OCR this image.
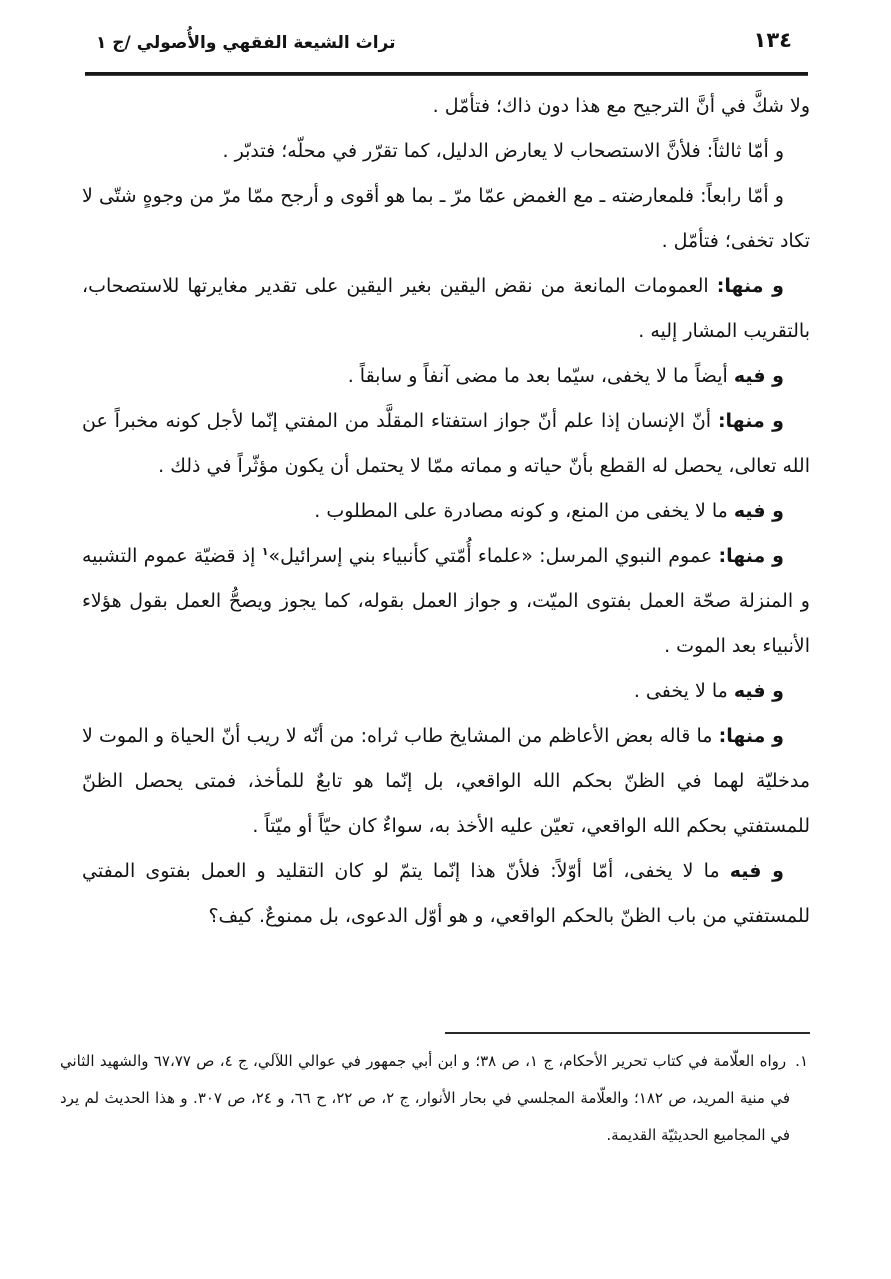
تراث الشيعة الفقهي والأُصولي /ج ١	١٣٤

ولا شكَّ في أنَّ الترجيح مع هذا دون ذاك؛ فتأمّل .

و أمّا ثالثاً: فلأنَّ الاستصحاب لا يعارض الدليل، كما تقرّر في محلّه؛ فتدبّر .

و أمّا رابعاً: فلمعارضته ـ مع الغمض عمّا مرّ ـ بما هو أقوى و أرجح ممّا مرّ من وجوهٍ شتّى لا تكاد تخفى؛ فتأمّل .

و منها: العمومات المانعة من نقض اليقين بغير اليقين على تقدير مغايرتها للاستصحاب، بالتقريب المشار إليه .

و فيه أيضاً ما لا يخفى، سيّما بعد ما مضى آنفاً و سابقاً .

و منها: أنّ الإنسان إذا علم أنّ جواز استفتاء المقلَّد من المفتي إنّما لأجل كونه مخبراً عن الله تعالى، يحصل له القطع بأنّ حياته و مماته ممّا لا يحتمل أن يكون مؤثّراً في ذلك .

و فيه ما لا يخفى من المنع، و كونه مصادرة على المطلوب .

و منها: عموم النبوي المرسل: «علماء أُمّتي كأنبياء بني إسرائيل»$^١$ إذ قضيّة عموم التشبيه و المنزلة صحّة العمل بفتوى الميّت، و جواز العمل بقوله، كما يجوز ويصحُّ العمل بقول هؤلاء الأنبياء بعد الموت .

و فيه ما لا يخفى .

و منها: ما قاله بعض الأعاظم من المشايخ طاب ثراه: من أنّه لا ريب أنّ الحياة و الموت لا مدخليّة لهما في الظنّ بحكم الله الواقعي، بل إنّما هو تابعٌ للمأخذ، فمتى يحصل الظنّ للمستفتي بحكم الله الواقعي، تعيّن عليه الأخذ به، سواءٌ كان حيّاً أو ميّتاً .

و فيه ما لا يخفى، أمّا أوّلاً: فلأنّ هذا إنّما يتمّ لو كان التقليد و العمل بفتوى المفتي للمستفتي من باب الظنّ بالحكم الواقعي، و هو أوّل الدعوى، بل ممنوعٌ. كيف؟

١.رواه العلّامة في كتاب تحرير الأحكام، ج ١، ص ٣٨؛ و ابن أبي جمهور في عوالي اللآلي، ج ٤، ص ٦٧،٧٧ والشهيد الثاني في منية المريد، ص ١٨٢؛ والعلّامة المجلسي في بحار الأنوار، ج ٢، ص ٢٢، ح ٦٦، و ٢٤، ص ٣٠٧. و هذا الحديث لم يرد في المجاميع الحديثيّة القديمة.
